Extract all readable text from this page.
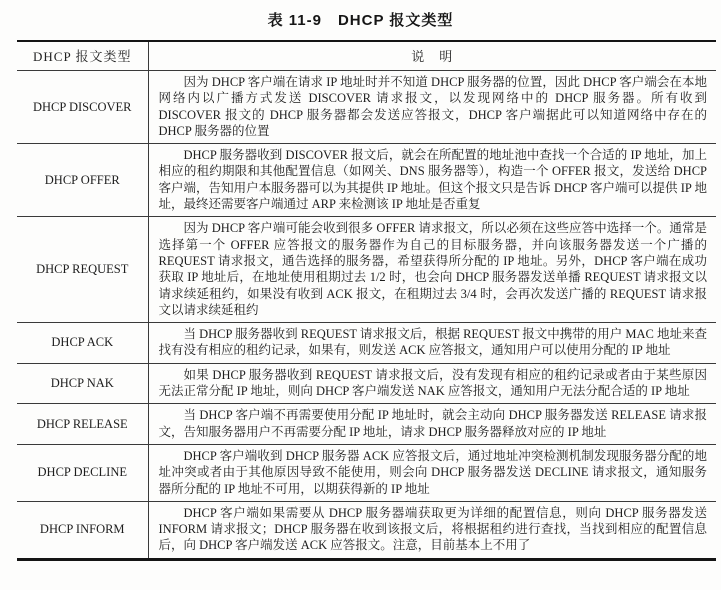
表 11-9　DHCP 报文类型
DHCP 报文类型	说　明
DHCP DISCOVER	因为 DHCP 客户端在请求 IP 地址时并不知道 DHCP 服务器的位置，因此 DHCP 客户端会在本地网络内以广播方式发送 DISCOVER 请求报文，以发现网络中的 DHCP 服务器。所有收到 DISCOVER 报文的 DHCP 服务器都会发送应答报文，DHCP 客户端据此可以知道网络中存在的 DHCP 服务器的位置
DHCP OFFER	DHCP 服务器收到 DISCOVER 报文后，就会在所配置的地址池中查找一个合适的 IP 地址，加上相应的租约期限和其他配置信息（如网关、DNS 服务器等），构造一个 OFFER 报文，发送给 DHCP 客户端，告知用户本服务器可以为其提供 IP 地址。但这个报文只是告诉 DHCP 客户端可以提供 IP 地址，最终还需要客户端通过 ARP 来检测该 IP 地址是否重复
DHCP REQUEST	因为 DHCP 客户端可能会收到很多 OFFER 请求报文，所以必须在这些应答中选择一个。通常是选择第一个 OFFER 应答报文的服务器作为自己的目标服务器，并向该服务器发送一个广播的 REQUEST 请求报文，通告选择的服务器，希望获得所分配的 IP 地址。另外，DHCP 客户端在成功获取 IP 地址后，在地址使用租期过去 1/2 时，也会向 DHCP 服务器发送单播 REQUEST 请求报文以请求续延租约，如果没有收到 ACK 报文，在租期过去 3/4 时，会再次发送广播的 REQUEST 请求报文以请求续延租约
DHCP ACK	当 DHCP 服务器收到 REQUEST 请求报文后，根据 REQUEST 报文中携带的用户 MAC 地址来查找有没有相应的租约记录，如果有，则发送 ACK 应答报文，通知用户可以使用分配的 IP 地址
DHCP NAK	如果 DHCP 服务器收到 REQUEST 请求报文后，没有发现有相应的租约记录或者由于某些原因无法正常分配 IP 地址，则向 DHCP 客户端发送 NAK 应答报文，通知用户无法分配合适的 IP 地址
DHCP RELEASE	当 DHCP 客户端不再需要使用分配 IP 地址时，就会主动向 DHCP 服务器发送 RELEASE 请求报文，告知服务器用户不再需要分配 IP 地址，请求 DHCP 服务器释放对应的 IP 地址
DHCP DECLINE	DHCP 客户端收到 DHCP 服务器 ACK 应答报文后，通过地址冲突检测机制发现服务器分配的地址冲突或者由于其他原因导致不能使用，则会向 DHCP 服务器发送 DECLINE 请求报文，通知服务器所分配的 IP 地址不可用，以期获得新的 IP 地址
DHCP INFORM	DHCP 客户端如果需要从 DHCP 服务器端获取更为详细的配置信息，则向 DHCP 服务器发送 INFORM 请求报文；DHCP 服务器在收到该报文后，将根据租约进行查找，当找到相应的配置信息后，向 DHCP 客户端发送 ACK 应答报文。注意，目前基本上不用了
